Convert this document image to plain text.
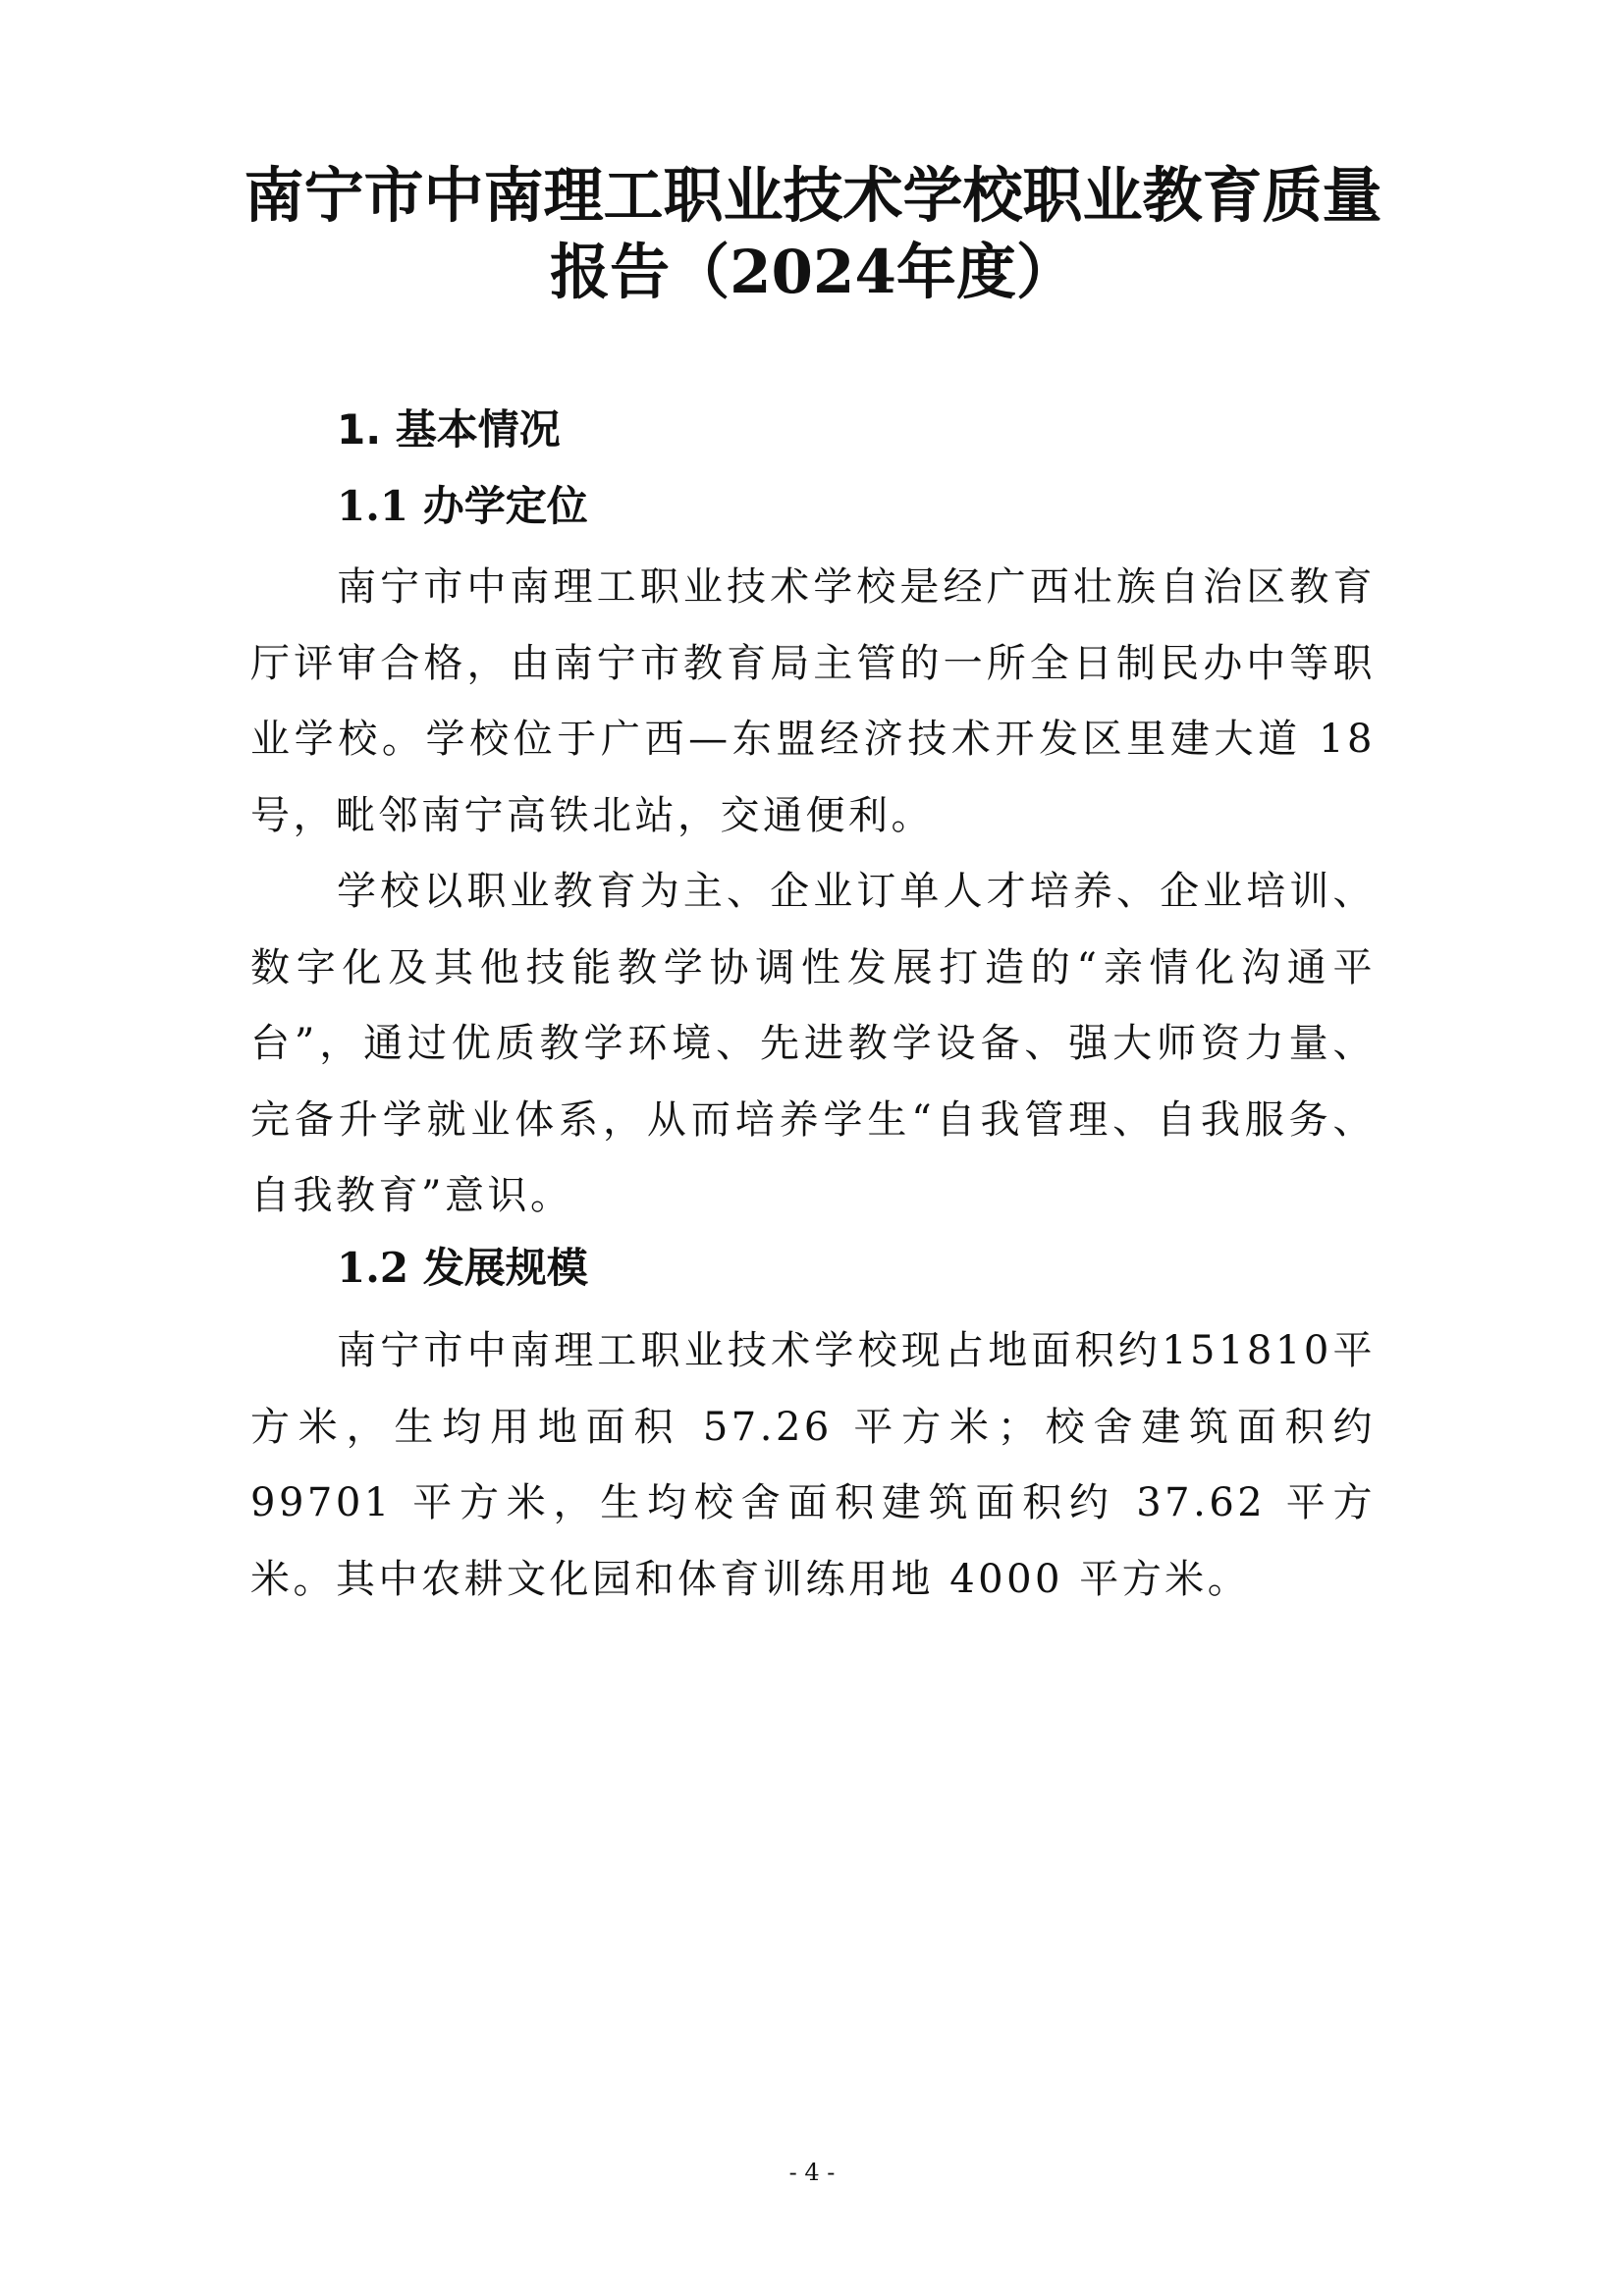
南宁市中南理工职业技术学校职业教育质量
报告（2024年度）
1. 基本情况
1.1 办学定位

南宁市中南理工职业技术学校是经广西壮族自治区教育厅评审合格，由南宁市教育局主管的一所全日制民办中等职业学校。学校位于广西—东盟经济技术开发区里建大道 18号，毗邻南宁高铁北站，交通便利。

学校以职业教育为主、企业订单人才培养、企业培训、数字化及其他技能教学协调性发展打造的“亲情化沟通平台”，通过优质教学环境、先进教学设备、强大师资力量、完备升学就业体系，从而培养学生“自我管理、自我服务、自我教育”意识。

1.2 发展规模

南宁市中南理工职业技术学校现占地面积约151810平方米，生均用地面积 57.26 平方米；校舍建筑面积约 99701 平方米，生均校舍面积建筑面积约 37.62 平方米。其中农耕文化园和体育训练用地 4000 平方米。

- 4 -
